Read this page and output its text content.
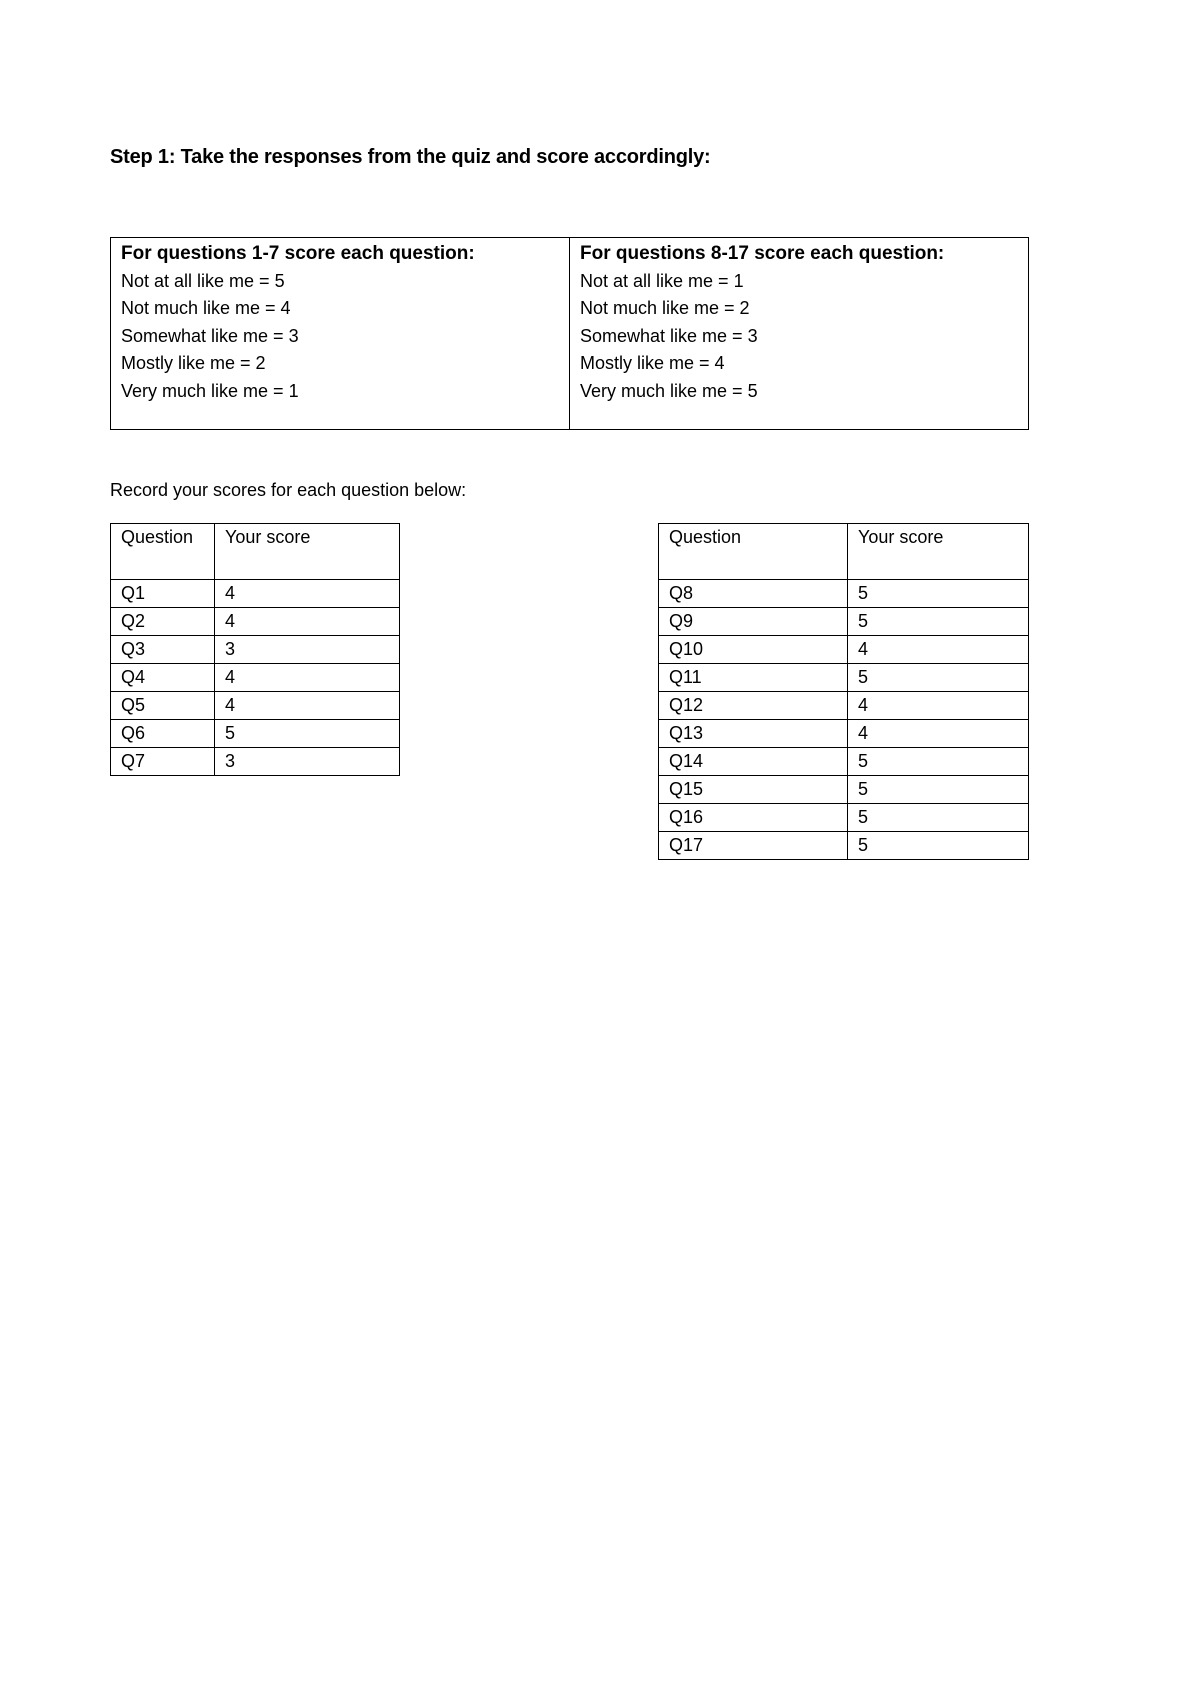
Step 1: Take the responses from the quiz and score accordingly:
For questions 1-7 score each question:
Not at all like me = 5
Not much like me = 4
Somewhat like me = 3
Mostly like me = 2
Very much like me = 1

For questions 8-17 score each question:
Not at all like me = 1
Not much like me = 2
Somewhat like me = 3
Mostly like me = 4
Very much like me = 5
Record your scores for each question below:
Question	Your score
Q1	4
Q2	4
Q3	3
Q4	4
Q5	4
Q6	5
Q7	3
Question	Your score
Q8	5
Q9	5
Q10	4
Q11	5
Q12	4
Q13	4
Q14	5
Q15	5
Q16	5
Q17	5
